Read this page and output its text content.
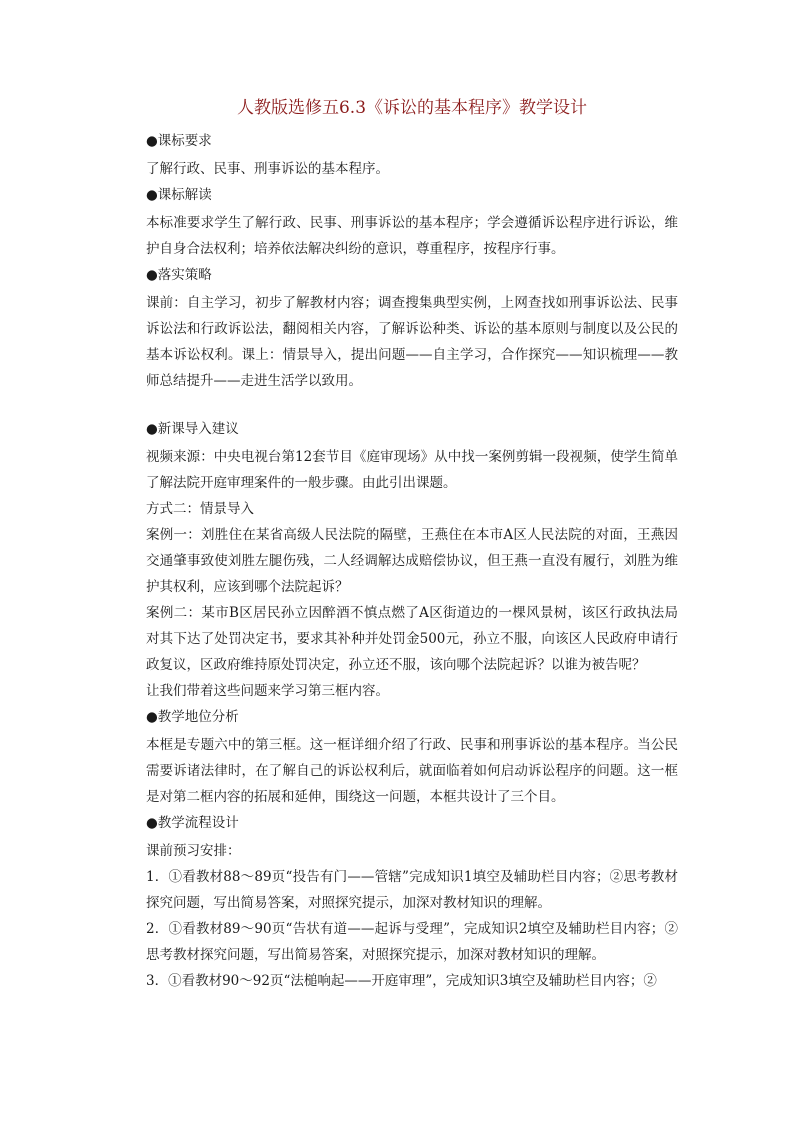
人教版选修五6.3《诉讼的基本程序》教学设计
●课标要求

了解行政、民事、刑事诉讼的基本程序。

●课标解读

本标准要求学生了解行政、民事、刑事诉讼的基本程序；学会遵循诉讼程序进行诉讼，维护自身合法权利；培养依法解决纠纷的意识，尊重程序，按程序行事。

●落实策略

课前：自主学习，初步了解教材内容；调查搜集典型实例，上网查找如刑事诉讼法、民事诉讼法和行政诉讼法，翻阅相关内容，了解诉讼种类、诉讼的基本原则与制度以及公民的基本诉讼权利。课上：情景导入，提出问题——自主学习，合作探究——知识梳理——教师总结提升——走进生活学以致用。

●新课导入建议

视频来源：中央电视台第12套节目《庭审现场》从中找一案例剪辑一段视频，使学生简单了解法院开庭审理案件的一般步骤。由此引出课题。

方式二：情景导入

案例一：刘胜住在某省高级人民法院的隔壁，王燕住在本市A区人民法院的对面，王燕因交通肇事致使刘胜左腿伤残，二人经调解达成赔偿协议，但王燕一直没有履行，刘胜为维护其权利，应该到哪个法院起诉？

案例二：某市B区居民孙立因醉酒不慎点燃了A区街道边的一棵风景树，该区行政执法局对其下达了处罚决定书，要求其补种并处罚金500元，孙立不服，向该区人民政府申请行政复议，区政府维持原处罚决定，孙立还不服，该向哪个法院起诉？以谁为被告呢？

让我们带着这些问题来学习第三框内容。

●教学地位分析

本框是专题六中的第三框。这一框详细介绍了行政、民事和刑事诉讼的基本程序。当公民需要诉诸法律时，在了解自己的诉讼权利后，就面临着如何启动诉讼程序的问题。这一框是对第二框内容的拓展和延伸，围绕这一问题，本框共设计了三个目。

●教学流程设计

课前预习安排：

1．①看教材88～89页“投告有门——管辖”完成知识1填空及辅助栏目内容；②思考教材探究问题，写出简易答案，对照探究提示，加深对教材知识的理解。

2．①看教材89～90页“告状有道——起诉与受理”，完成知识2填空及辅助栏目内容；②思考教材探究问题，写出简易答案，对照探究提示，加深对教材知识的理解。

3．①看教材90～92页“法槌响起——开庭审理”，完成知识3填空及辅助栏目内容；②
